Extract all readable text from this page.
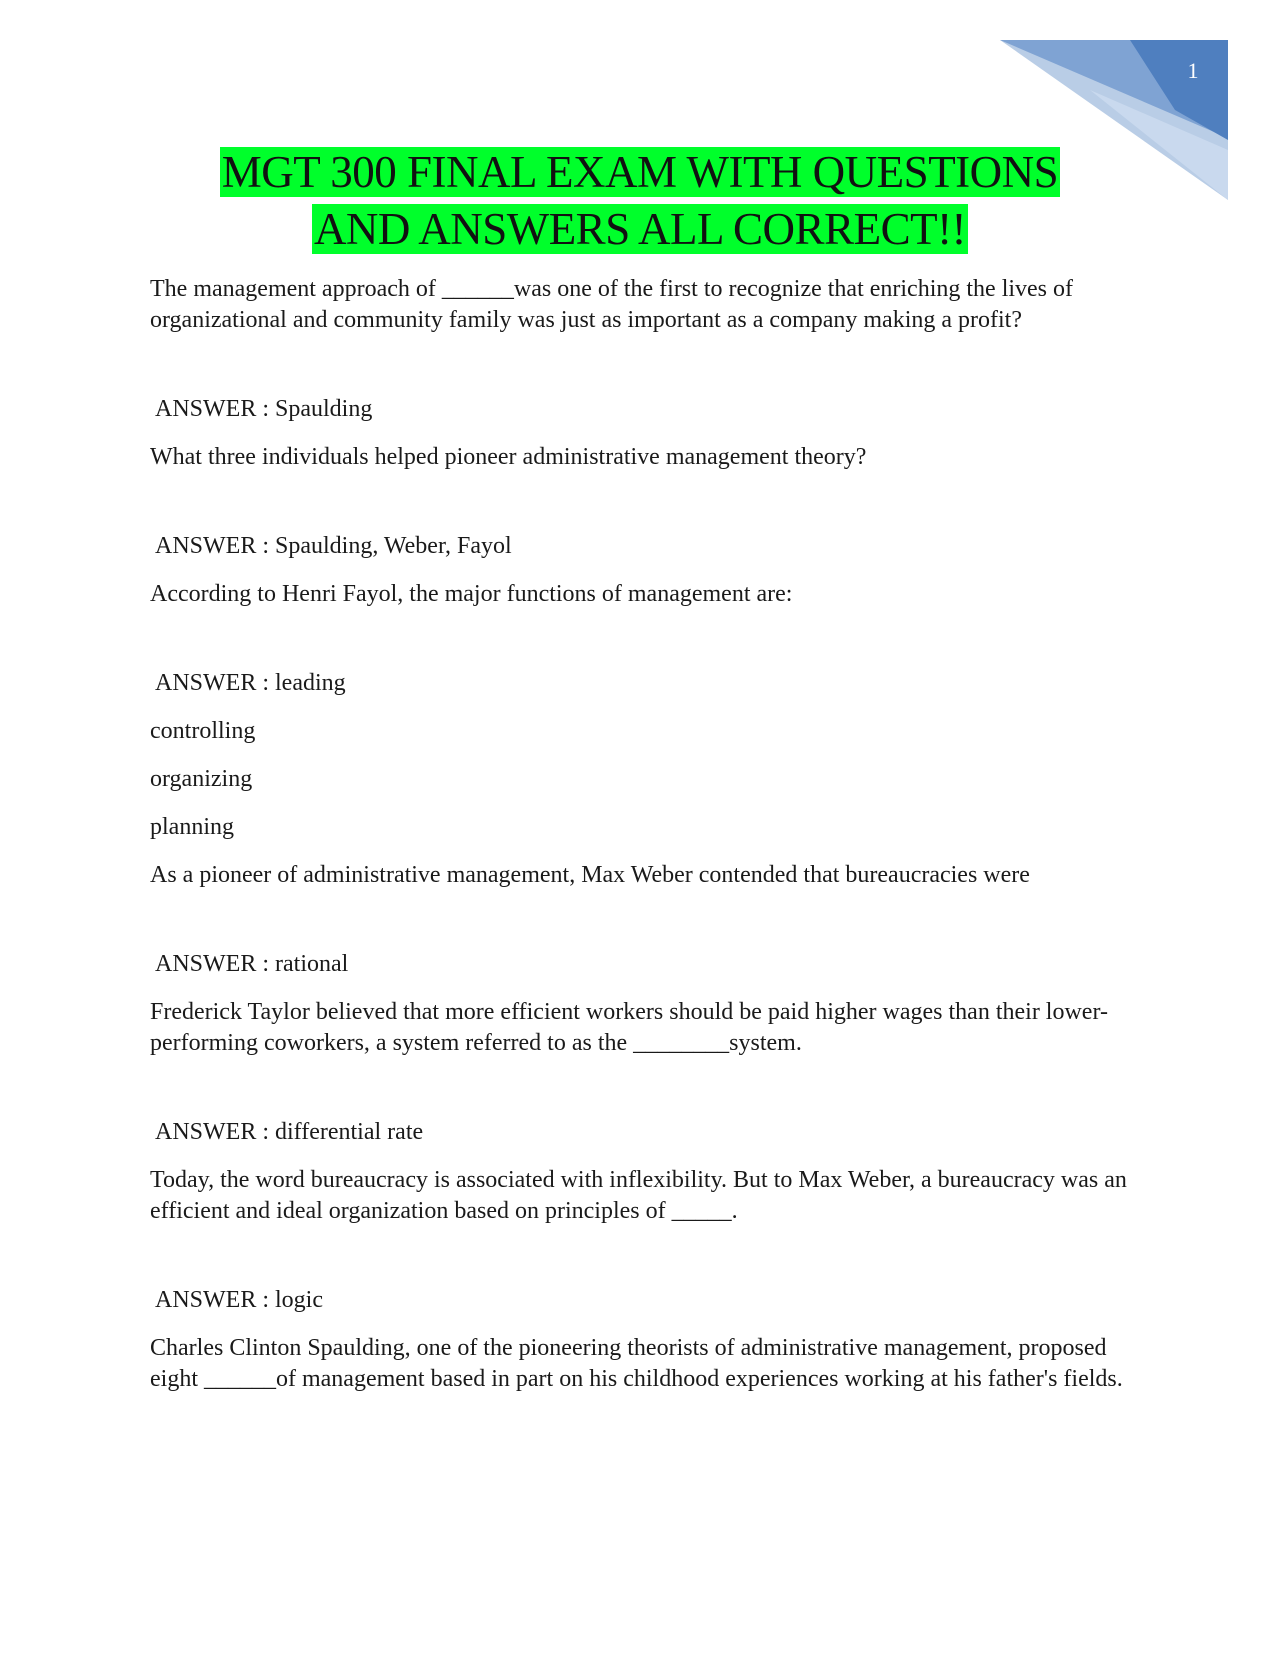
1
MGT 300 FINAL EXAM WITH QUESTIONS
AND ANSWERS ALL CORRECT!!

The management approach of ______was one of the first to recognize that enriching the lives of organizational and community family was just as important as a company making a profit?

ANSWER : Spaulding

What three individuals helped pioneer administrative management theory?

ANSWER : Spaulding, Weber, Fayol

According to Henri Fayol, the major functions of management are:

ANSWER : leading

controlling

organizing

planning

As a pioneer of administrative management, Max Weber contended that bureaucracies were

ANSWER : rational

Frederick Taylor believed that more efficient workers should be paid higher wages than their lower-performing coworkers, a system referred to as the ________system.

ANSWER : differential rate

Today, the word bureaucracy is associated with inflexibility. But to Max Weber, a bureaucracy was an efficient and ideal organization based on principles of _____.

ANSWER : logic

Charles Clinton Spaulding, one of the pioneering theorists of administrative management, proposed eight ______of management based in part on his childhood experiences working at his father's fields.
